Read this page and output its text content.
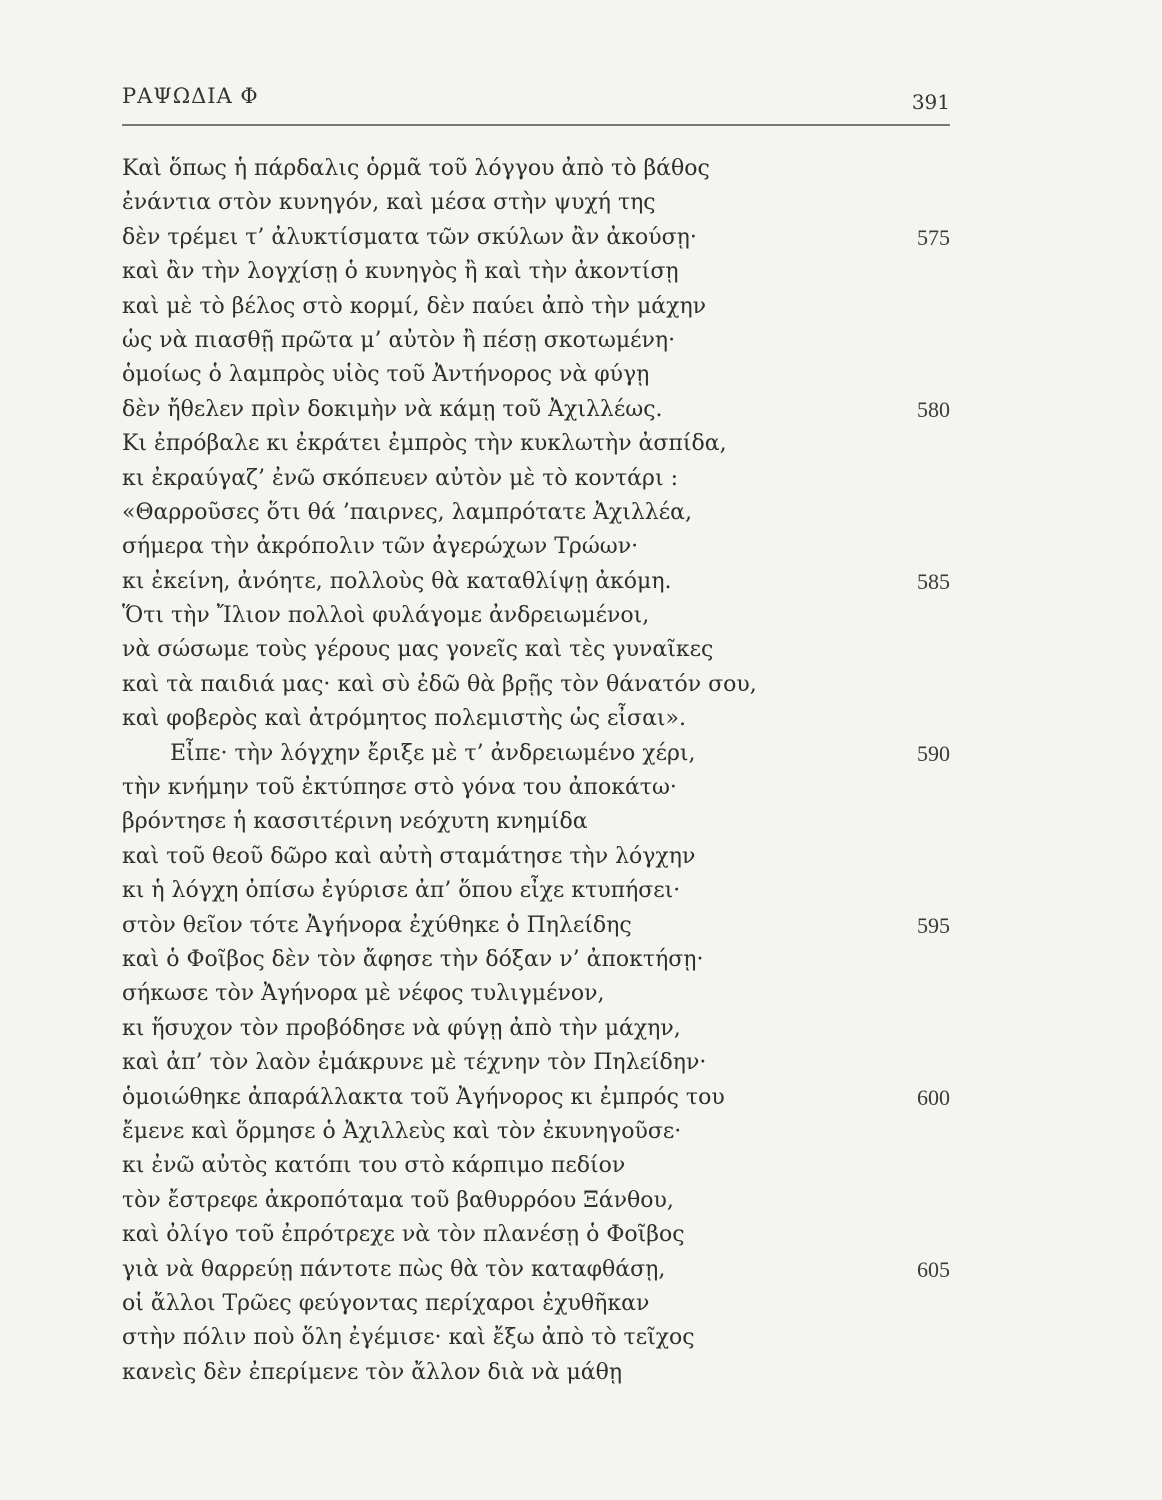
ΡΑΨΩΔΙΑ Φ	391
Καὶ ὅπως ἡ πάρδαλις ὁρμᾶ τοῦ λόγγου ἀπὸ τὸ βάθος
ἐνάντια στὸν κυνηγόν, καὶ μέσα στὴν ψυχή της
δὲν τρέμει τ’ ἀλυκτίσματα τῶν σκύλων ἂν ἀκούσῃ·	575
καὶ ἂν τὴν λογχίσῃ ὁ κυνηγὸς ἢ καὶ τὴν ἀκοντίσῃ
καὶ μὲ τὸ βέλος στὸ κορμί, δὲν παύει ἀπὸ τὴν μάχην
ὡς νὰ πιασθῇ πρῶτα μ’ αὐτὸν ἢ πέσῃ σκοτωμένη·
ὁμοίως ὁ λαμπρὸς υἱὸς τοῦ Ἀντήνορος νὰ φύγῃ
δὲν ἤθελεν πρὶν δοκιμὴν νὰ κάμῃ τοῦ Ἀχιλλέως.	580
Κι ἐπρόβαλε κι ἐκράτει ἐμπρὸς τὴν κυκλωτὴν ἀσπίδα,
κι ἐκραύγαζ’ ἐνῶ σκόπευεν αὐτὸν μὲ τὸ κοντάρι :
«Θαρροῦσες ὅτι θά ’παιρνες, λαμπρότατε Ἀχιλλέα,
σήμερα τὴν ἀκρόπολιν τῶν ἀγερώχων Τρώων·
κι ἐκείνη, ἀνόητε, πολλοὺς θὰ καταθλίψῃ ἀκόμη.	585
Ὅτι τὴν Ἴλιον πολλοὶ φυλάγομε ἀνδρειωμένοι,
νὰ σώσωμε τοὺς γέρους μας γονεῖς καὶ τὲς γυναῖκες
καὶ τὰ παιδιά μας· καὶ σὺ ἐδῶ θὰ βρῇς τὸν θάνατόν σου,
καὶ φοβερὸς καὶ ἀτρόμητος πολεμιστὴς ὡς εἶσαι».
Εἶπε· τὴν λόγχην ἔριξε μὲ τ’ ἀνδρειωμένο χέρι,	590
τὴν κνήμην τοῦ ἐκτύπησε στὸ γόνα του ἀποκάτω·
βρόντησε ἡ κασσιτέρινη νεόχυτη κνημίδα
καὶ τοῦ θεοῦ δῶρο καὶ αὐτὴ σταμάτησε τὴν λόγχην
κι ἡ λόγχη ὀπίσω ἐγύρισε ἀπ’ ὅπου εἶχε κτυπήσει·
στὸν θεῖον τότε Ἀγήνορα ἐχύθηκε ὁ Πηλείδης	595
καὶ ὁ Φοῖβος δὲν τὸν ἄφησε τὴν δόξαν ν’ ἀποκτήσῃ·
σήκωσε τὸν Ἀγήνορα μὲ νέφος τυλιγμένον,
κι ἥσυχον τὸν προβόδησε νὰ φύγῃ ἀπὸ τὴν μάχην,
καὶ ἀπ’ τὸν λαὸν ἐμάκρυνε μὲ τέχνην τὸν Πηλείδην·
ὁμοιώθηκε ἀπαράλλακτα τοῦ Ἀγήνορος κι ἐμπρός του	600
ἔμενε καὶ ὅρμησε ὁ Ἀχιλλεὺς καὶ τὸν ἐκυνηγοῦσε·
κι ἐνῶ αὐτὸς κατόπι του στὸ κάρπιμο πεδίον
τὸν ἔστρεφε ἀκροπόταμα τοῦ βαθυρρόου Ξάνθου,
καὶ ὀλίγο τοῦ ἐπρότρεχε νὰ τὸν πλανέσῃ ὁ Φοῖβος
γιὰ νὰ θαρρεύῃ πάντοτε πὼς θὰ τὸν καταφθάσῃ,	605
οἱ ἄλλοι Τρῶες φεύγοντας περίχαροι ἐχυθῆκαν
στὴν πόλιν ποὺ ὅλη ἐγέμισε· καὶ ἔξω ἀπὸ τὸ τεῖχος
κανεὶς δὲν ἐπερίμενε τὸν ἄλλον διὰ νὰ μάθῃ
